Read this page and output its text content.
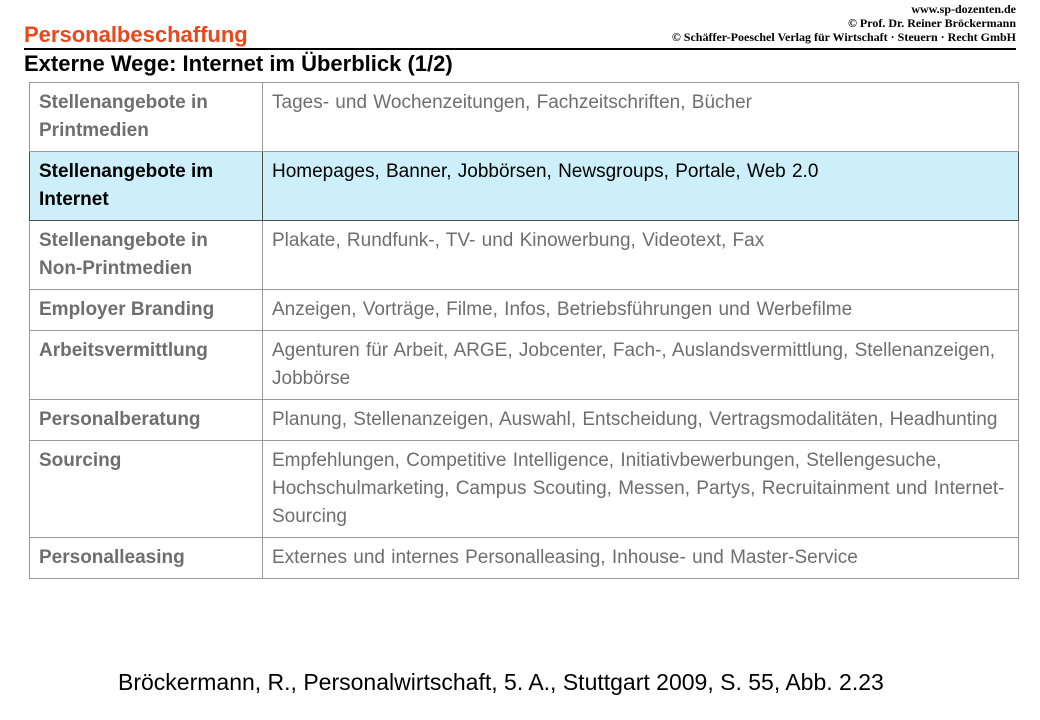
Personalbeschaffung
www.sp-dozenten.de
© Prof. Dr. Reiner Bröckermann
© Schäffer-Poeschel Verlag für Wirtschaft · Steuern · Recht GmbH
Externe Wege: Internet im Überblick (1/2)
Stellenangebote in Printmedien	Tages- und Wochenzeitungen, Fachzeitschriften, Bücher
Stellenangebote im Internet	Homepages, Banner, Jobbörsen, Newsgroups, Portale, Web 2.0
Stellenangebote in Non-Printmedien	Plakate, Rundfunk-, TV- und Kinowerbung, Videotext, Fax
Employer Branding	Anzeigen, Vorträge, Filme, Infos, Betriebsführungen und Werbefilme
Arbeitsvermittlung	Agenturen für Arbeit, ARGE, Jobcenter, Fach-, Auslandsvermittlung, Stellenanzeigen, Jobbörse
Personalberatung	Planung, Stellenanzeigen, Auswahl, Entscheidung, Vertragsmodalitäten, Headhunting
Sourcing	Empfehlungen, Competitive Intelligence, Initiativbewerbungen, Stellengesuche, Hochschulmarketing, Campus Scouting, Messen, Partys, Recruitainment und Internet-Sourcing
Personalleasing	Externes und internes Personalleasing, Inhouse- und Master-Service
Bröckermann, R., Personalwirtschaft, 5. A., Stuttgart 2009, S. 55, Abb. 2.23
